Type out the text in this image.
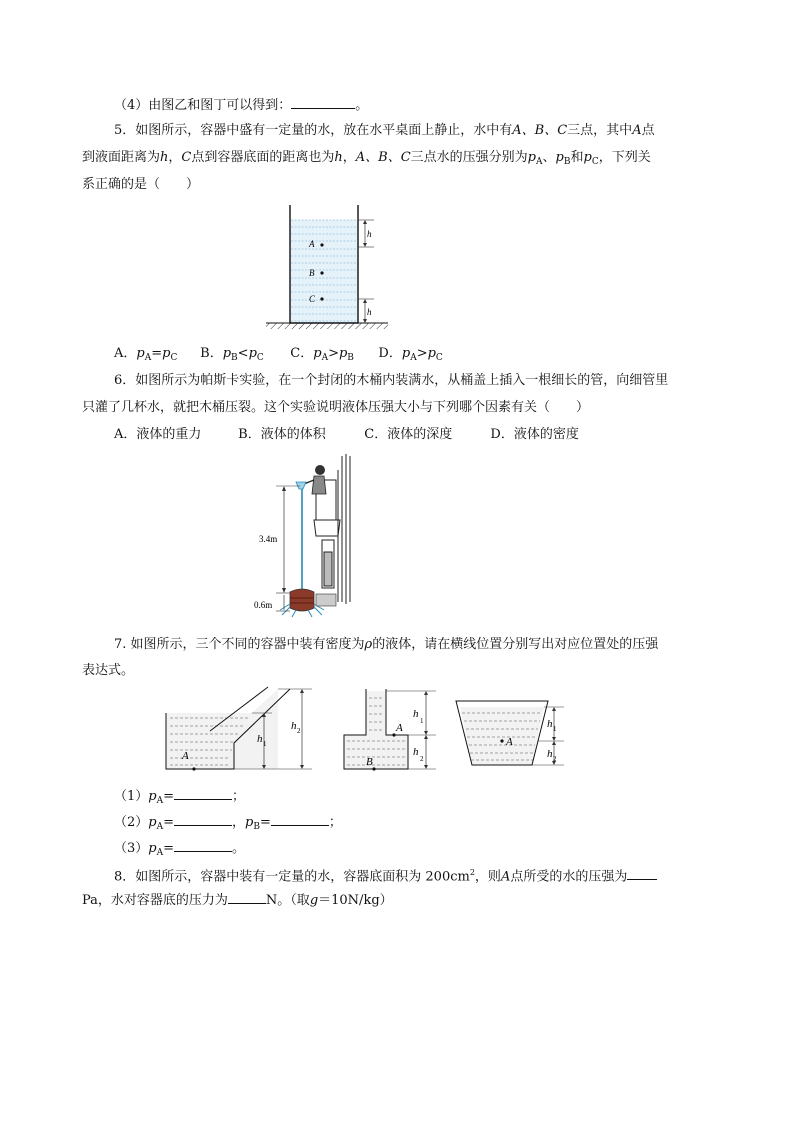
（4）由图乙和图丁可以得到：	。
5．如图所示，容器中盛有一定量的水，放在水平桌面上静止，水中有A、B、C三点，其中A点
到液面距离为h，C点到容器底面的距离也为h，A、B、C三点水的压强分别为$p_A$、$p_B$和$p_C$，下列关
系正确的是（　　）
h
h
A
B
C
A．$p_A=p_C$ B．$p_B<p_C$ C．$p_A>p_B$ D．$p_A>p_C$
6．如图所示为帕斯卡实验，在一个封闭的木桶内装满水，从桶盖上插入一根细长的管，向细管里
只灌了几杯水，就把木桶压裂。这个实验说明液体压强大小与下列哪个因素有关（　　）
A．液体的重力	B．液体的体积	C．液体的深度	D．液体的密度
3.4m
0.6m
7. 如图所示，三个不同的容器中装有密度为ρ的液体，请在横线位置分别写出对应位置处的压强
表达式。
h 1
h 2
A
h
1
h
2
A
B
h 1
h 2
A
$(1)p_A=$	；
$(2)p_A=$	，$p_B=$	；
$(3)p_A=$	。
8．如图所示，容器中装有一定量的水，容器底面积为 $200cm^2$，则A点所受的水的压强为
Pa，水对容器底的压力为	N。（取g＝10N/kg）
